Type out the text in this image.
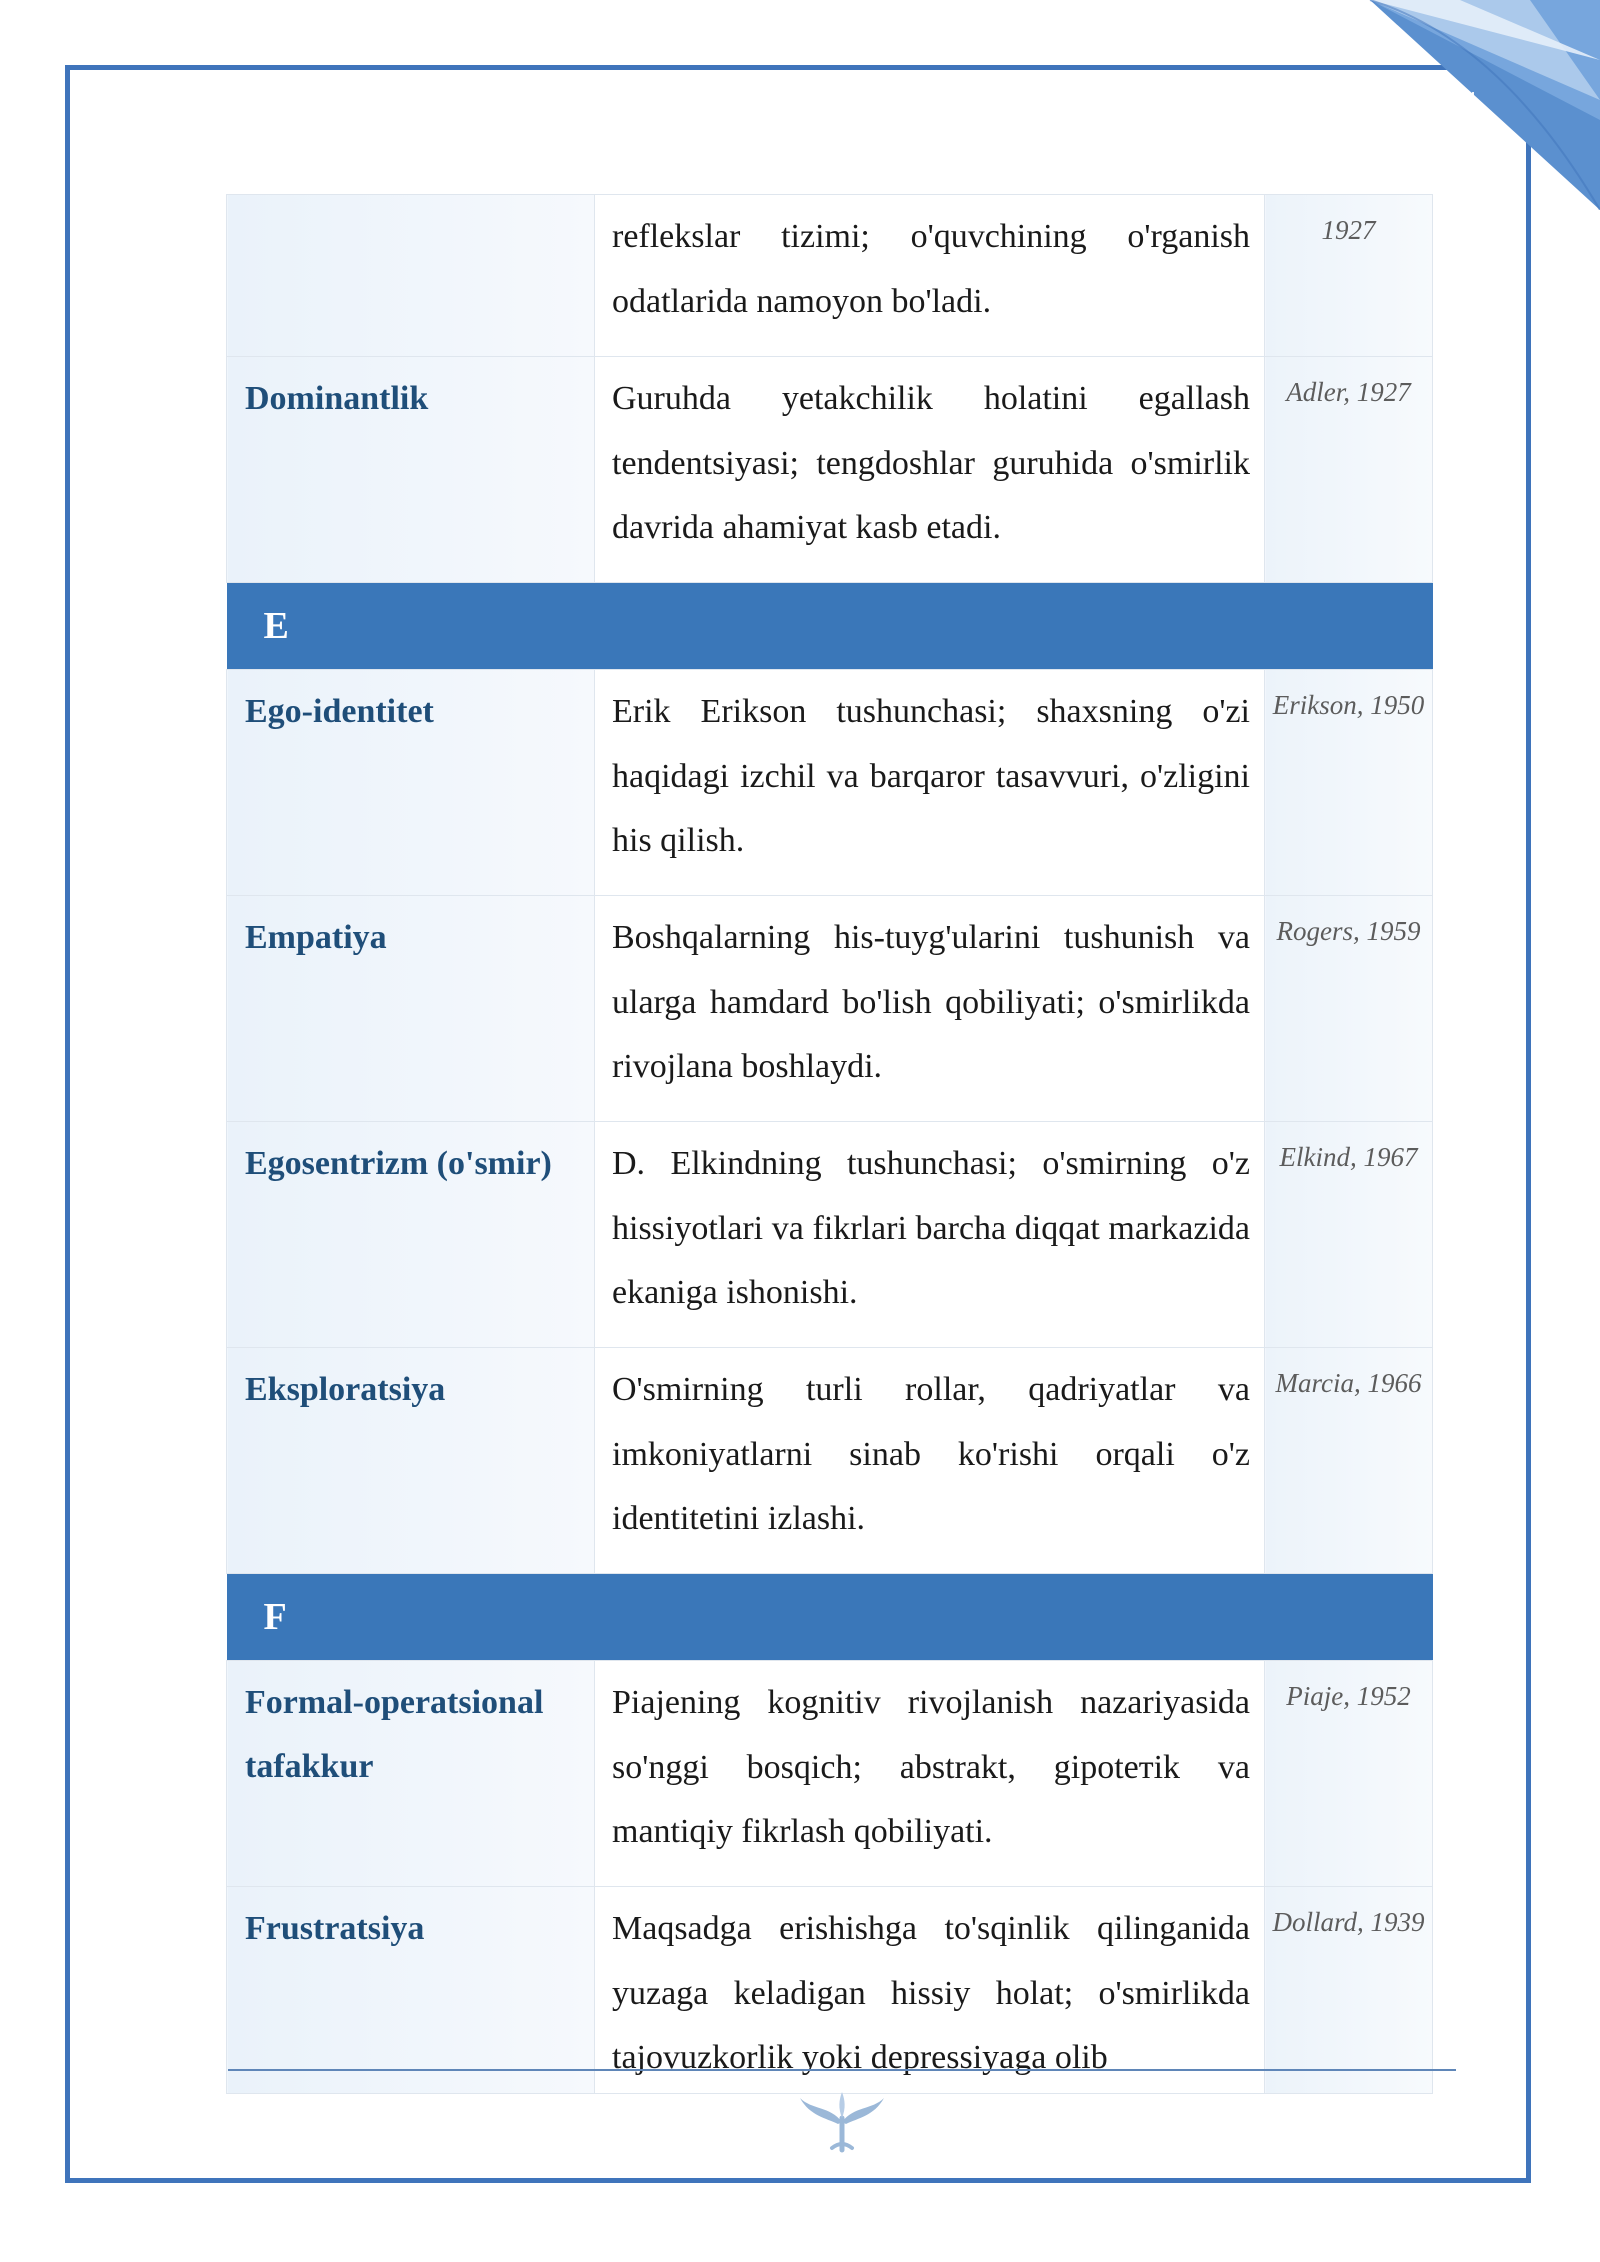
4
	reflekslar tizimi; o'quvchining o'rganish odatlarida namoyon bo'ladi.	1927
Dominantlik	Guruhda yetakchilik holatini egallash tendentsiyasi; tengdoshlar guruhida o'smirlik davrida ahamiyat kasb etadi.	Adler, 1927
E		
Ego-identitet	Erik Erikson tushunchasi; shaxsning o'zi haqidagi izchil va barqaror tasavvuri, o'zligini his qilish.	Erikson, 1950
Empatiya	Boshqalarning his-tuyg'ularini tushunish va ularga hamdard bo'lish qobiliyati; o'smirlikda rivojlana boshlaydi.	Rogers, 1959
Egosentrizm (o'smir)	D. Elkindning tushunchasi; o'smirning o'z hissiyotlari va fikrlari barcha diqqat markazida ekaniga ishonishi.	Elkind, 1967
Eksploratsiya	O'smirning turli rollar, qadriyatlar va imkoniyatlarni sinab ko'rishi orqali o'z identitetini izlashi.	Marcia, 1966
F		
Formal-operatsional tafakkur	Piajening kognitiv rivojlanish nazariyasida so'nggi bosqich; abstrakt, gipoteтik va mantiqiy fikrlash qobiliyati.	Piaje, 1952
Frustratsiya	Maqsadga erishishga to'sqinlik qilinganida yuzaga keladigan hissiy holat; o'smirlikda tajovuzkorlik yoki depressiyaga olib	Dollard, 1939
